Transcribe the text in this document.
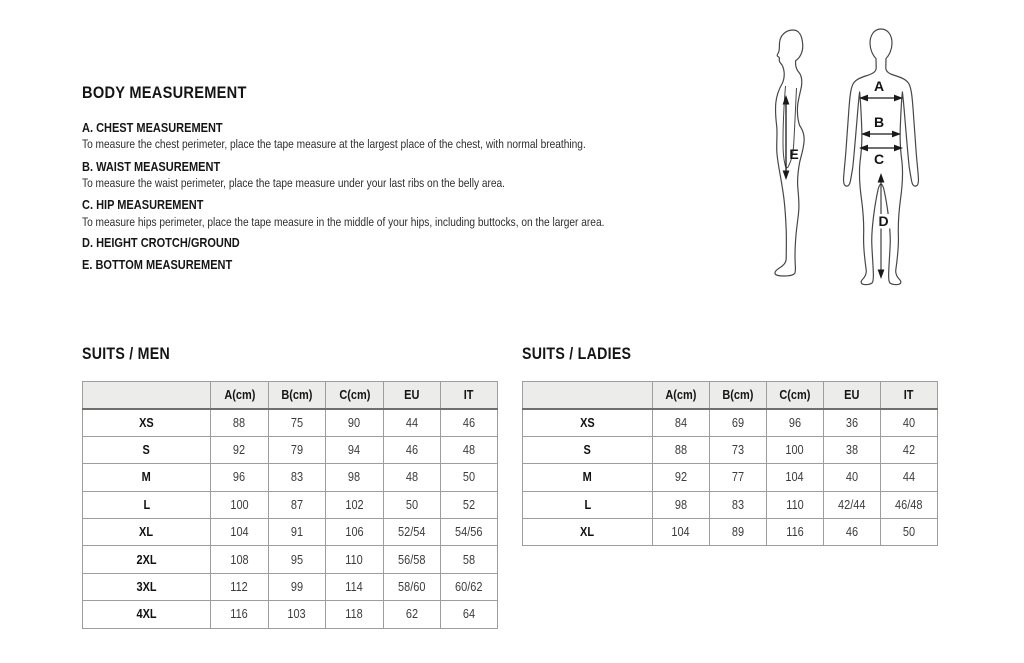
BODY MEASUREMENT
A. CHEST MEASUREMENT
To measure the chest perimeter, place the tape measure at the largest place of the chest, with normal breathing.
B. WAIST MEASUREMENT
To measure the waist perimeter, place the tape measure under your last ribs on the belly area.
C. HIP MEASUREMENT
To measure hips perimeter, place the tape measure in the middle of your hips, including buttocks, on the larger area.
D. HEIGHT CROTCH/GROUND
E. BOTTOM MEASUREMENT
E
A
B
C
D
SUITS / MEN
	A(cm)	B(cm)	C(cm)	EU	IT
XS	88	75	90	44	46
S	92	79	94	46	48
M	96	83	98	48	50
L	100	87	102	50	52
XL	104	91	106	52/54	54/56
2XL	108	95	110	56/58	58
3XL	112	99	114	58/60	60/62
4XL	116	103	118	62	64
SUITS / LADIES
	A(cm)	B(cm)	C(cm)	EU	IT
XS	84	69	96	36	40
S	88	73	100	38	42
M	92	77	104	40	44
L	98	83	110	42/44	46/48
XL	104	89	116	46	50
